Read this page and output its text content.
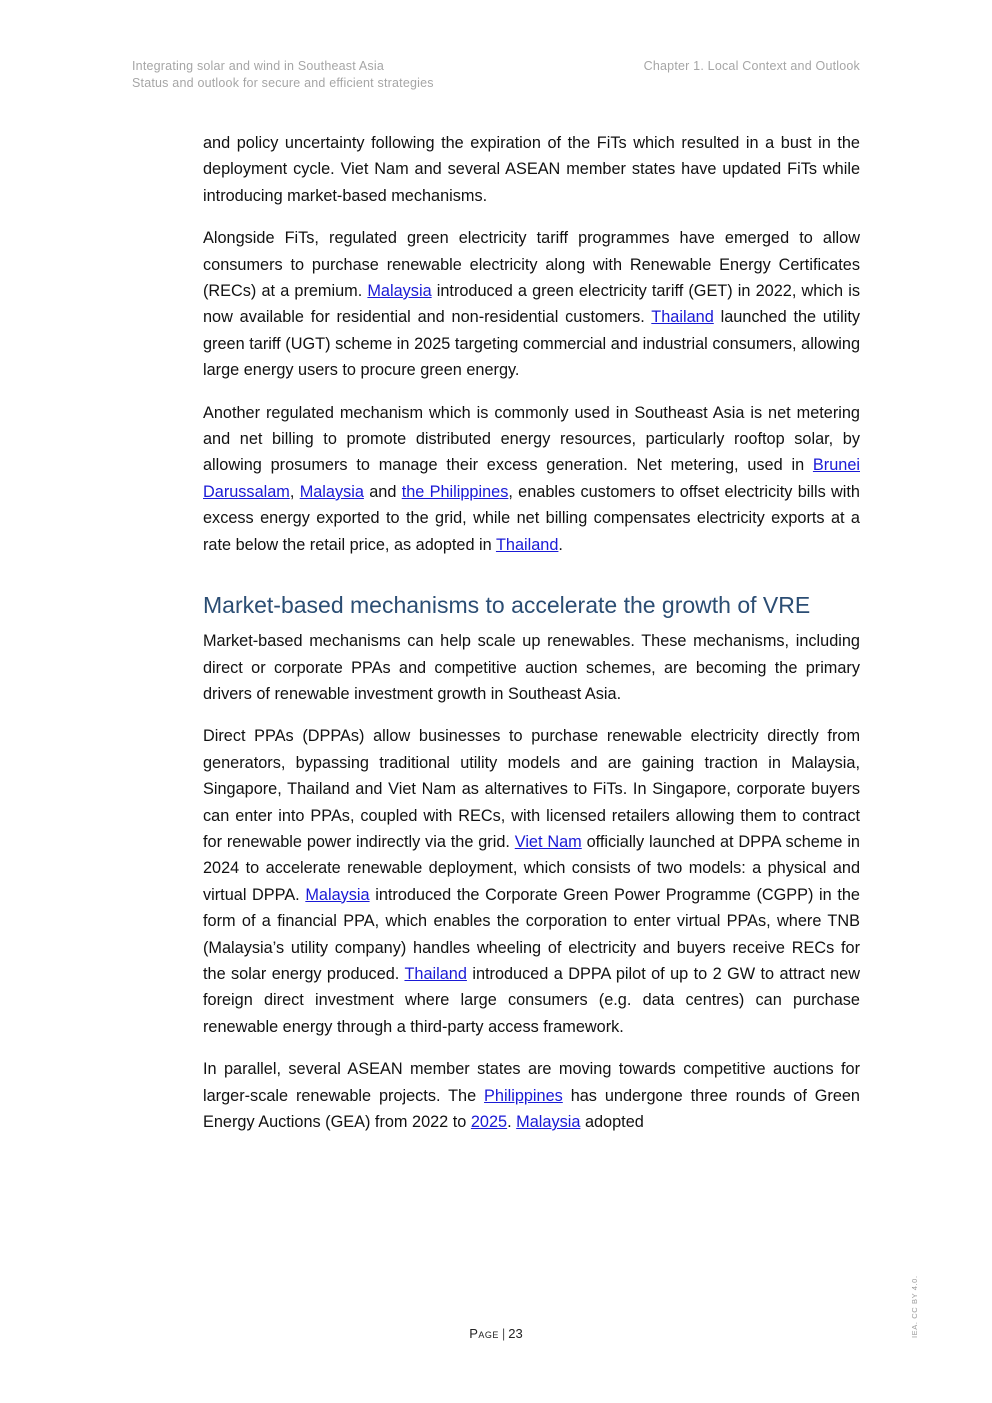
Integrating solar and wind in Southeast Asia
Status and outlook for secure and efficient strategies
Chapter 1. Local Context and Outlook

and policy uncertainty following the expiration of the FiTs which resulted in a bust in the deployment cycle. Viet Nam and several ASEAN member states have updated FiTs while introducing market-based mechanisms.

Alongside FiTs, regulated green electricity tariff programmes have emerged to allow consumers to purchase renewable electricity along with Renewable Energy Certificates (RECs) at a premium. Malaysia introduced a green electricity tariff (GET) in 2022, which is now available for residential and non-residential customers. Thailand launched the utility green tariff (UGT) scheme in 2025 targeting commercial and industrial consumers, allowing large energy users to procure green energy.

Another regulated mechanism which is commonly used in Southeast Asia is net metering and net billing to promote distributed energy resources, particularly rooftop solar, by allowing prosumers to manage their excess generation. Net metering, used in Brunei Darussalam, Malaysia and the Philippines, enables customers to offset electricity bills with excess energy exported to the grid, while net billing compensates electricity exports at a rate below the retail price, as adopted in Thailand.

Market-based mechanisms to accelerate the growth of VRE

Market-based mechanisms can help scale up renewables. These mechanisms, including direct or corporate PPAs and competitive auction schemes, are becoming the primary drivers of renewable investment growth in Southeast Asia.

Direct PPAs (DPPAs) allow businesses to purchase renewable electricity directly from generators, bypassing traditional utility models and are gaining traction in Malaysia, Singapore, Thailand and Viet Nam as alternatives to FiTs. In Singapore, corporate buyers can enter into PPAs, coupled with RECs, with licensed retailers allowing them to contract for renewable power indirectly via the grid. Viet Nam officially launched at DPPA scheme in 2024 to accelerate renewable deployment, which consists of two models: a physical and virtual DPPA. Malaysia introduced the Corporate Green Power Programme (CGPP) in the form of a financial PPA, which enables the corporation to enter virtual PPAs, where TNB (Malaysia’s utility company) handles wheeling of electricity and buyers receive RECs for the solar energy produced. Thailand introduced a DPPA pilot of up to 2 GW to attract new foreign direct investment where large consumers (e.g. data centres) can purchase renewable energy through a third-party access framework.

In parallel, several ASEAN member states are moving towards competitive auctions for larger-scale renewable projects. The Philippines has undergone three rounds of Green Energy Auctions (GEA) from 2022 to 2025. Malaysia adopted

Page | 23	IEA. CC BY 4.0.
